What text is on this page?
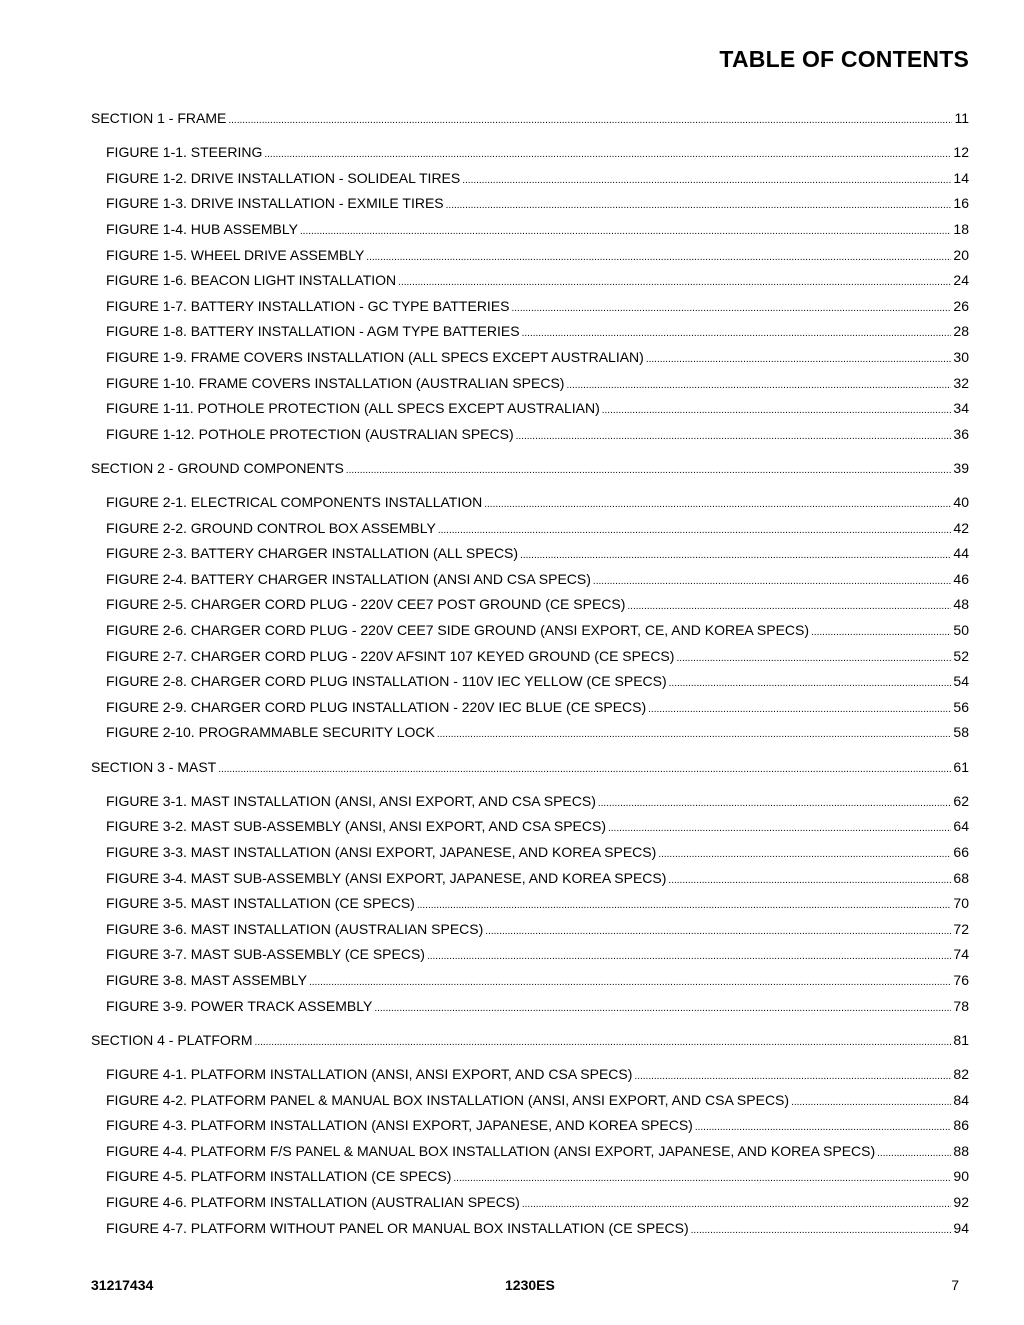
TABLE OF CONTENTS
SECTION 1 - FRAME .....	11
FIGURE 1-1. STEERING .....	12
FIGURE 1-2. DRIVE INSTALLATION - SOLIDEAL TIRES .....	14
FIGURE 1-3. DRIVE INSTALLATION - EXMILE TIRES .....	16
FIGURE 1-4. HUB ASSEMBLY .....	18
FIGURE 1-5. WHEEL DRIVE ASSEMBLY .....	20
FIGURE 1-6. BEACON LIGHT INSTALLATION .....	24
FIGURE 1-7. BATTERY INSTALLATION - GC TYPE BATTERIES .....	26
FIGURE 1-8. BATTERY INSTALLATION - AGM TYPE BATTERIES .....	28
FIGURE 1-9. FRAME COVERS INSTALLATION (ALL SPECS EXCEPT AUSTRALIAN) .....	30
FIGURE 1-10. FRAME COVERS INSTALLATION (AUSTRALIAN SPECS) .....	32
FIGURE 1-11. POTHOLE PROTECTION (ALL SPECS EXCEPT AUSTRALIAN) .....	34
FIGURE 1-12. POTHOLE PROTECTION (AUSTRALIAN SPECS) .....	36
SECTION 2 - GROUND COMPONENTS .....	39
FIGURE 2-1. ELECTRICAL COMPONENTS INSTALLATION .....	40
FIGURE 2-2. GROUND CONTROL BOX ASSEMBLY .....	42
FIGURE 2-3. BATTERY CHARGER INSTALLATION (ALL SPECS) .....	44
FIGURE 2-4. BATTERY CHARGER INSTALLATION (ANSI AND CSA SPECS) .....	46
FIGURE 2-5. CHARGER CORD PLUG - 220V CEE7 POST GROUND (CE SPECS) .....	48
FIGURE 2-6. CHARGER CORD PLUG - 220V CEE7 SIDE GROUND (ANSI EXPORT, CE, AND KOREA SPECS) .....	50
FIGURE 2-7. CHARGER CORD PLUG - 220V AFSINT 107 KEYED GROUND (CE SPECS) .....	52
FIGURE 2-8. CHARGER CORD PLUG INSTALLATION - 110V IEC YELLOW (CE SPECS) .....	54
FIGURE 2-9. CHARGER CORD PLUG INSTALLATION - 220V IEC BLUE (CE SPECS) .....	56
FIGURE 2-10. PROGRAMMABLE SECURITY LOCK .....	58
SECTION 3 - MAST .....	61
FIGURE 3-1. MAST INSTALLATION (ANSI, ANSI EXPORT, AND CSA SPECS) .....	62
FIGURE 3-2. MAST SUB-ASSEMBLY (ANSI, ANSI EXPORT, AND CSA SPECS) .....	64
FIGURE 3-3. MAST INSTALLATION (ANSI EXPORT, JAPANESE, AND KOREA SPECS) .....	66
FIGURE 3-4. MAST SUB-ASSEMBLY (ANSI EXPORT, JAPANESE, AND KOREA SPECS) .....	68
FIGURE 3-5. MAST INSTALLATION (CE SPECS) .....	70
FIGURE 3-6. MAST INSTALLATION (AUSTRALIAN SPECS) .....	72
FIGURE 3-7. MAST SUB-ASSEMBLY (CE SPECS) .....	74
FIGURE 3-8. MAST ASSEMBLY .....	76
FIGURE 3-9. POWER TRACK ASSEMBLY .....	78
SECTION 4 - PLATFORM .....	81
FIGURE 4-1. PLATFORM INSTALLATION (ANSI, ANSI EXPORT, AND CSA SPECS) .....	82
FIGURE 4-2. PLATFORM PANEL & MANUAL BOX INSTALLATION (ANSI, ANSI EXPORT, AND CSA SPECS) .....	84
FIGURE 4-3. PLATFORM INSTALLATION (ANSI EXPORT, JAPANESE, AND KOREA SPECS) .....	86
FIGURE 4-4. PLATFORM F/S PANEL & MANUAL BOX INSTALLATION (ANSI EXPORT, JAPANESE, AND KOREA SPECS) .....	88
FIGURE 4-5. PLATFORM INSTALLATION (CE SPECS) .....	90
FIGURE 4-6. PLATFORM INSTALLATION (AUSTRALIAN SPECS) .....	92
FIGURE 4-7. PLATFORM WITHOUT PANEL OR MANUAL BOX INSTALLATION (CE SPECS) .....	94
31217434	1230ES	7
